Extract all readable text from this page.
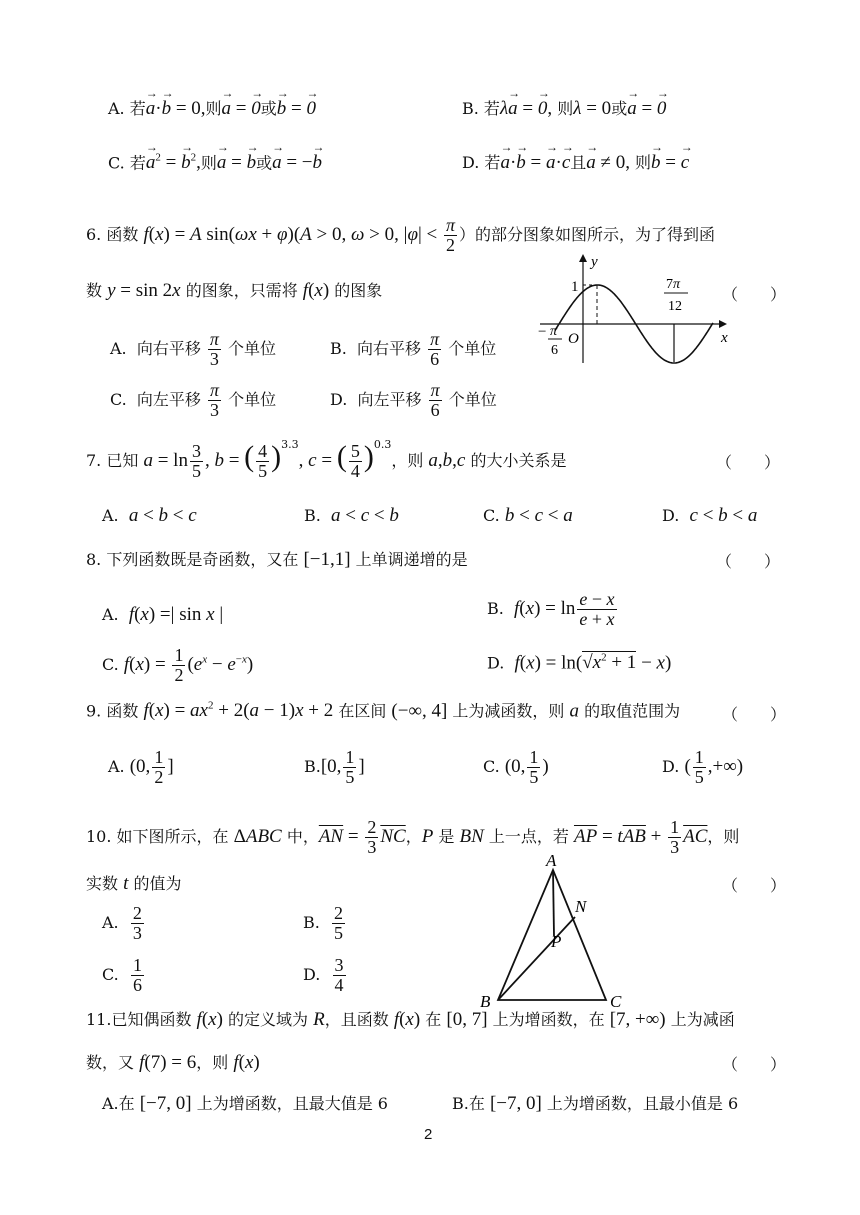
A. 若→ a·→ b = 0,则→ a = → 0或→ b = → 0	B. 若λ→ a = → 0, 则λ = 0或→ a = → 0
C. 若→ $a^2$ = → $b^2$,则→ a = → b或→ a = −→ b	D. 若→ a·→ b = → a·→ c且→ a ≠ 0, 则→ b = → c
6. 函数 f(x) = A sin(ωx + φ)(A > 0, ω > 0, $|\varphi| < \frac{\pi}{2}$ ）的部分图象如图所示，为了得到函
数 y = sin 2x 的图象，只需将 f(x) 的图象	（　　）
y
x
O
1
− π
6
7π
12
A.  向右平移 $\frac{\pi}{3}$ 个单位	B.  向右平移 $\frac{\pi}{6}$ 个单位
C.  向左平移 $\frac{\pi}{3}$ 个单位	D.  向左平移 $\frac{\pi}{6}$ 个单位
7. 已知 $a = \ln \frac{3}{5}$ , b = ( $\frac{4}{5} )^{3.3}$, c = ( $\frac{5}{4} )^{0.3}$，则 a,b,c 的大小关系是	（　　）
A.  a < b < c	B.  a < c < b	C. b < c < a	D.  c < b < a
8. 下列函数既是奇函数，又在 [−1,1] 上单调递增的是	（　　）
A.  f(x) =| sin x |	B.  $f(x) = \ln \frac{e - x}{e + x}$
C. $f(x) = \frac{1}{2} (e^x - e^{-x})$	D.  $f(x) = \ln(√x^2 + 1 - x)$
9. 函数 $f(x) = ax^2 + 2(a - 1)x + 2$ 在区间 (−∞, 4] 上为减函数，则 a 的取值范围为	（　　）
A. (0, $\frac{1}{2}$ ]	B.[0, $\frac{1}{5}$ ]	C. (0, $\frac{1}{5}$ )	D. ( $\frac{1}{5}$ ,+∞)
10. 如下图所示，在 ΔABC 中，$\overline{AN} = \frac{2}{3} \overline{NC}$，P 是 BN 上一点，若 $\overline{AP} = t\overline{AB} + \frac{1}{3} \overline{AC}$，则
实数 t 的值为	（　　）
A
B	C
N
P
A. $\frac{2}{3}$	B. $\frac{2}{5}$
C. $\frac{1}{6}$	D. $\frac{3}{4}$
11.已知偶函数 f(x) 的定义域为 R，且函数 f(x) 在 [0, 7] 上为增函数，在 [7, +∞) 上为减函
数，又 f(7) = 6，则 f(x)	（　　）
A.在 [−7, 0] 上为增函数，且最大值是 6	B.在 [−7, 0] 上为增函数，且最小值是 6
2
